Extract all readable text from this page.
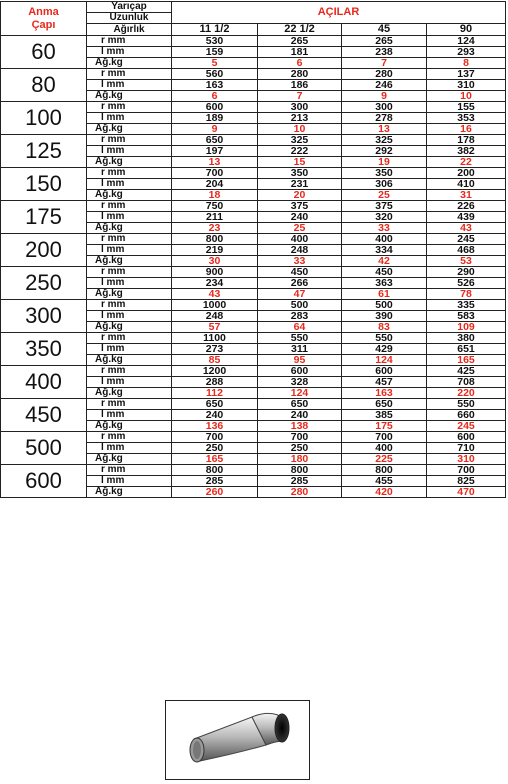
Anma
Çapı	Yarıçap	AÇILAR			
	Uzunluk				
	Ağırlık	11 1/2	22 1/2	45	90
60	r mm	530	265	265	124
	l mm	159	181	238	293
	Ağ.kg	5	6	7	8
80	r mm	560	280	280	137
	l mm	163	186	246	310
	Ağ.kg	6	7	9	10
100	r mm	600	300	300	155
	l mm	189	213	278	353
	Ağ.kg	9	10	13	16
125	r mm	650	325	325	178
	l mm	197	222	292	382
	Ağ.kg	13	15	19	22
150	r mm	700	350	350	200
	l mm	204	231	306	410
	Ağ.kg	18	20	25	31
175	r mm	750	375	375	226
	l mm	211	240	320	439
	Ağ.kg	23	25	33	43
200	r mm	800	400	400	245
	l mm	219	248	334	468
	Ağ.kg	30	33	42	53
250	r mm	900	450	450	290
	l mm	234	266	363	526
	Ağ.kg	43	47	61	78
300	r mm	1000	500	500	335
	l mm	248	283	390	583
	Ağ.kg	57	64	83	109
350	r mm	1100	550	550	380
	l mm	273	311	429	651
	Ağ.kg	85	95	124	165
400	r mm	1200	600	600	425
	l mm	288	328	457	708
	Ağ.kg	112	124	163	220
450	r mm	650	650	650	550
	l mm	240	240	385	660
	Ağ.kg	136	138	175	245
500	r mm	700	700	700	600
	l mm	250	250	400	710
	Ağ.kg	165	180	225	310
600	r mm	800	800	800	700
	l mm	285	285	455	825
	Ağ.kg	260	280	420	470
